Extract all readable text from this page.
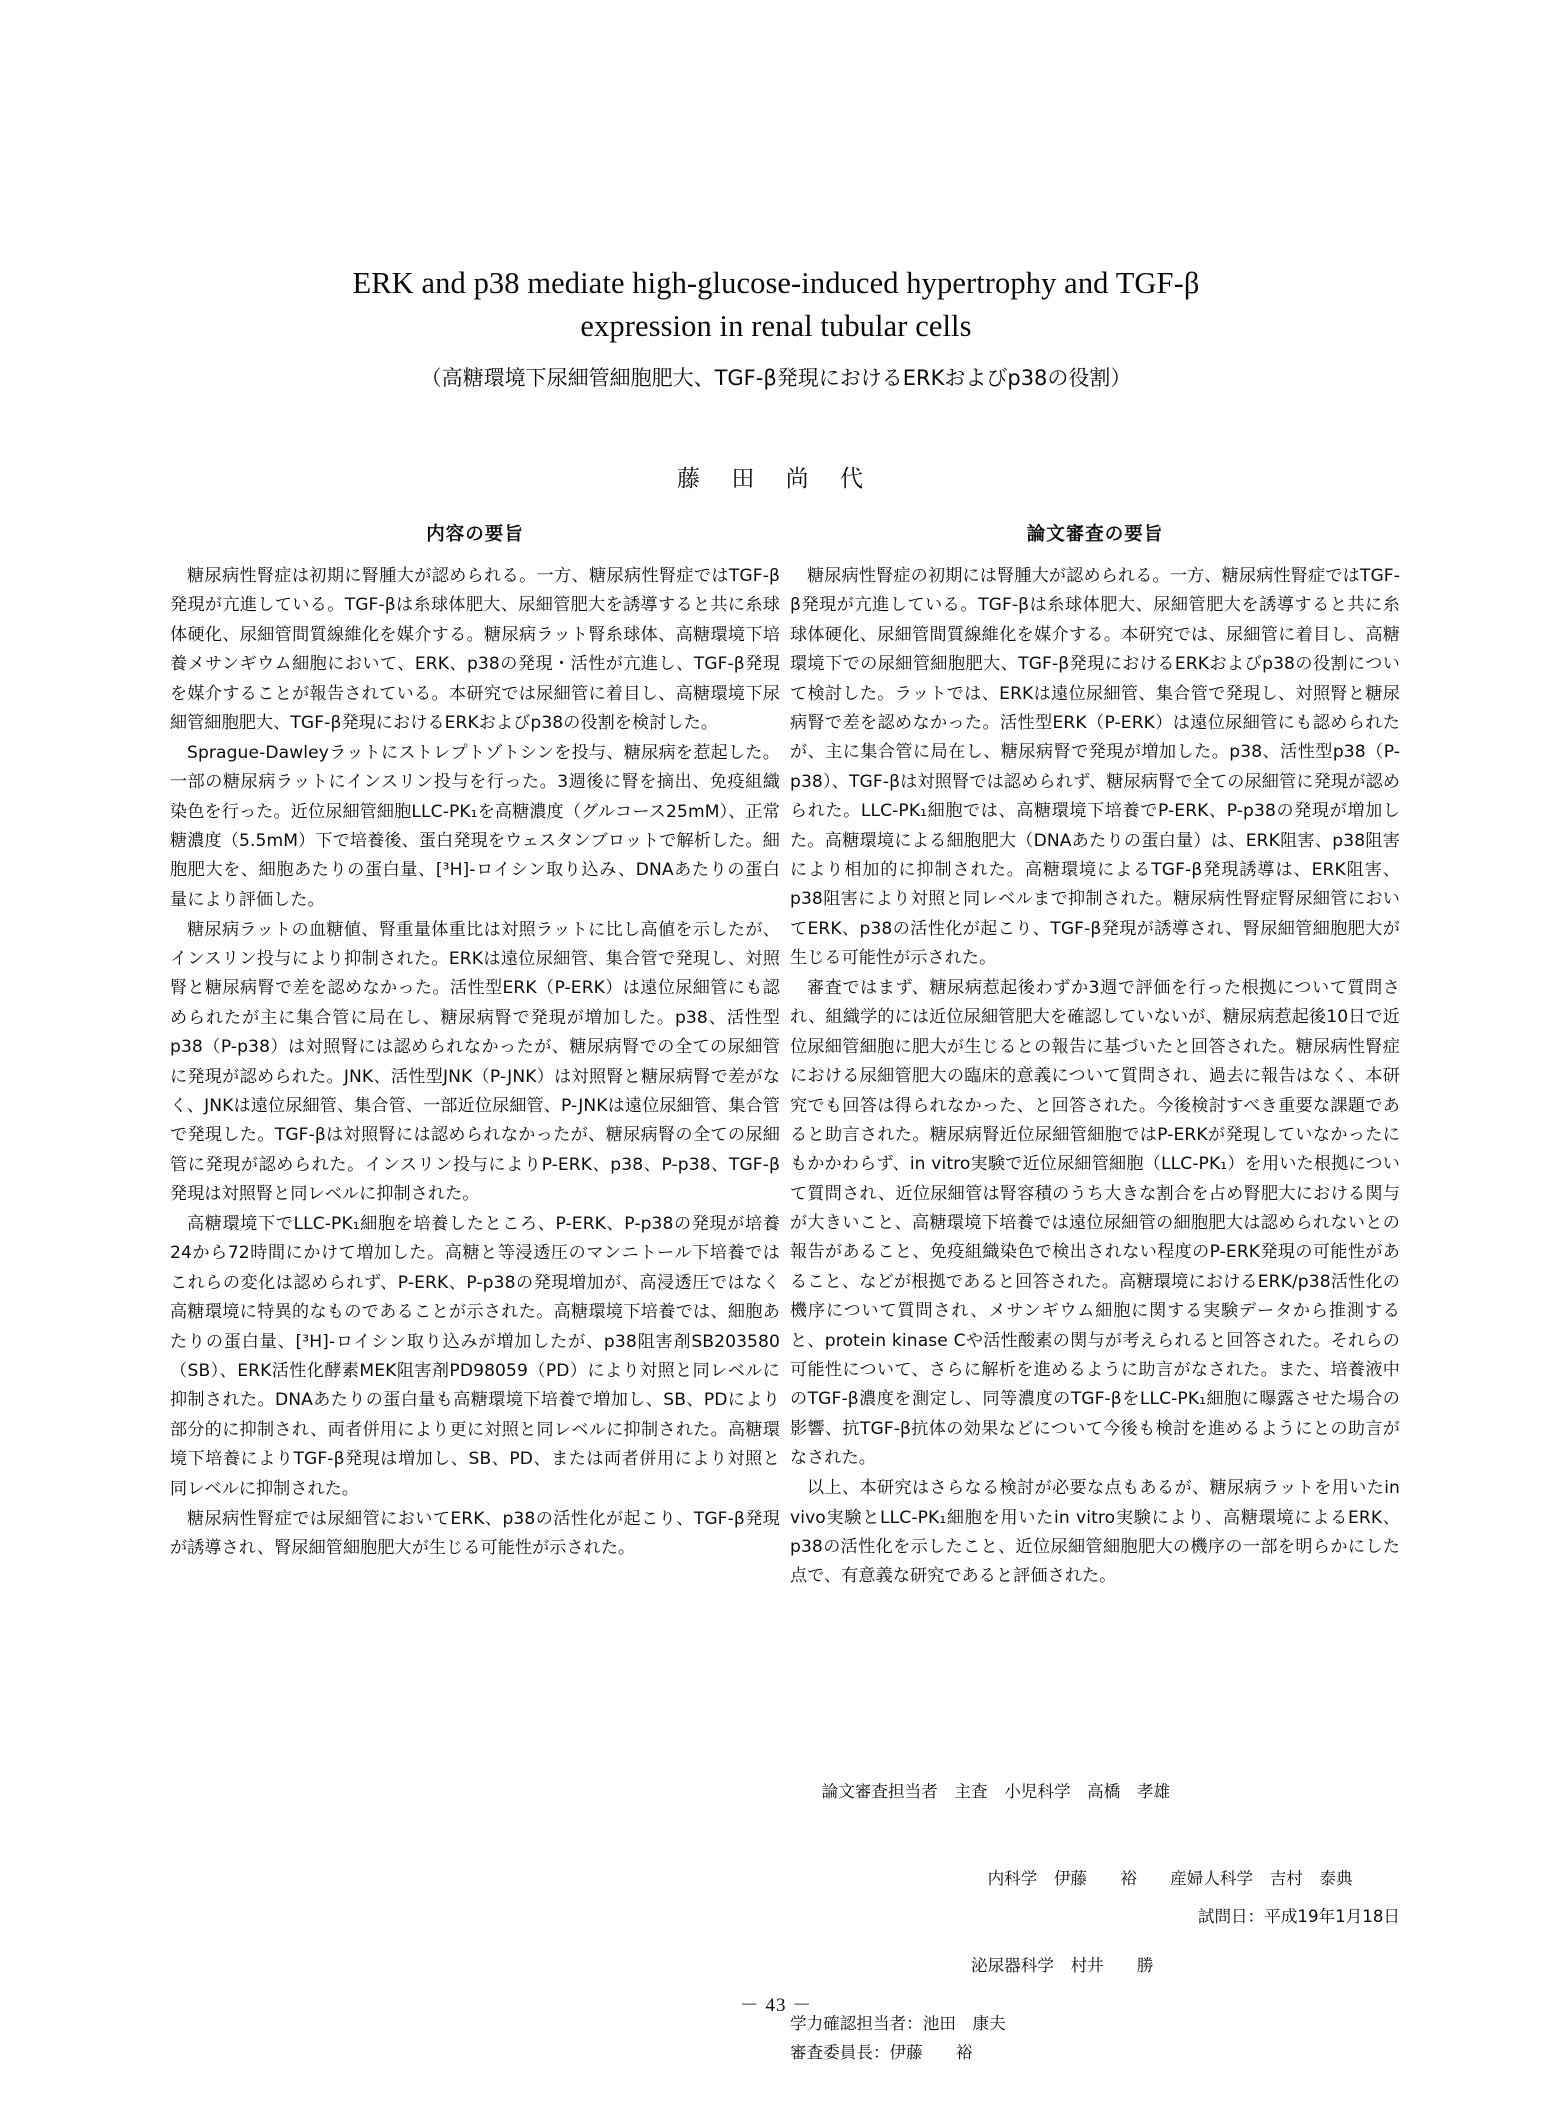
ERK and p38 mediate high-glucose-induced hypertrophy and TGF-β expression in renal tubular cells
（高糖環境下尿細管細胞肥大、TGF-β発現におけるERKおよびp38の役割）
藤 田 尚 代
内容の要旨

糖尿病性腎症は初期に腎腫大が認められる。一方、糖尿病性腎症ではTGF-β発現が亢進している。TGF-βは糸球体肥大、尿細管肥大を誘導すると共に糸球体硬化、尿細管間質線維化を媒介する。糖尿病ラット腎糸球体、高糖環境下培養メサンギウム細胞において、ERK、p38の発現・活性が亢進し、TGF-β発現を媒介することが報告されている。本研究では尿細管に着目し、高糖環境下尿細管細胞肥大、TGF-β発現におけるERKおよびp38の役割を検討した。

Sprague-Dawleyラットにストレプトゾトシンを投与、糖尿病を惹起した。一部の糖尿病ラットにインスリン投与を行った。3週後に腎を摘出、免疫組織染色を行った。近位尿細管細胞LLC-PK₁を高糖濃度（グルコース25mM）、正常糖濃度（5.5mM）下で培養後、蛋白発現をウェスタンブロットで解析した。細胞肥大を、細胞あたりの蛋白量、[³H]-ロイシン取り込み、DNAあたりの蛋白量により評価した。

糖尿病ラットの血糖値、腎重量体重比は対照ラットに比し高値を示したが、インスリン投与により抑制された。ERKは遠位尿細管、集合管で発現し、対照腎と糖尿病腎で差を認めなかった。活性型ERK（P-ERK）は遠位尿細管にも認められたが主に集合管に局在し、糖尿病腎で発現が増加した。p38、活性型p38（P-p38）は対照腎には認められなかったが、糖尿病腎での全ての尿細管に発現が認められた。JNK、活性型JNK（P-JNK）は対照腎と糖尿病腎で差がなく、JNKは遠位尿細管、集合管、一部近位尿細管、P-JNKは遠位尿細管、集合管で発現した。TGF-βは対照腎には認められなかったが、糖尿病腎の全ての尿細管に発現が認められた。インスリン投与によりP-ERK、p38、P-p38、TGF-β発現は対照腎と同レベルに抑制された。

高糖環境下でLLC-PK₁細胞を培養したところ、P-ERK、P-p38の発現が培養24から72時間にかけて増加した。高糖と等浸透圧のマンニトール下培養ではこれらの変化は認められず、P-ERK、P-p38の発現増加が、高浸透圧ではなく高糖環境に特異的なものであることが示された。高糖環境下培養では、細胞あたりの蛋白量、[³H]-ロイシン取り込みが増加したが、p38阻害剤SB203580（SB）、ERK活性化酵素MEK阻害剤PD98059（PD）により対照と同レベルに抑制された。DNAあたりの蛋白量も高糖環境下培養で増加し、SB、PDにより部分的に抑制され、両者併用により更に対照と同レベルに抑制された。高糖環境下培養によりTGF-β発現は増加し、SB、PD、または両者併用により対照と同レベルに抑制された。

糖尿病性腎症では尿細管においてERK、p38の活性化が起こり、TGF-β発現が誘導され、腎尿細管細胞肥大が生じる可能性が示された。

論文審査の要旨

糖尿病性腎症の初期には腎腫大が認められる。一方、糖尿病性腎症ではTGF-β発現が亢進している。TGF-βは糸球体肥大、尿細管肥大を誘導すると共に糸球体硬化、尿細管間質線維化を媒介する。本研究では、尿細管に着目し、高糖環境下での尿細管細胞肥大、TGF-β発現におけるERKおよびp38の役割について検討した。ラットでは、ERKは遠位尿細管、集合管で発現し、対照腎と糖尿病腎で差を認めなかった。活性型ERK（P-ERK）は遠位尿細管にも認められたが、主に集合管に局在し、糖尿病腎で発現が増加した。p38、活性型p38（P-p38）、TGF-βは対照腎では認められず、糖尿病腎で全ての尿細管に発現が認められた。LLC-PK₁細胞では、高糖環境下培養でP-ERK、P-p38の発現が増加した。高糖環境による細胞肥大（DNAあたりの蛋白量）は、ERK阻害、p38阻害により相加的に抑制された。高糖環境によるTGF-β発現誘導は、ERK阻害、p38阻害により対照と同レベルまで抑制された。糖尿病性腎症腎尿細管においてERK、p38の活性化が起こり、TGF-β発現が誘導され、腎尿細管細胞肥大が生じる可能性が示された。

審査ではまず、糖尿病惹起後わずか3週で評価を行った根拠について質問され、組織学的には近位尿細管肥大を確認していないが、糖尿病惹起後10日で近位尿細管細胞に肥大が生じるとの報告に基づいたと回答された。糖尿病性腎症における尿細管肥大の臨床的意義について質問され、過去に報告はなく、本研究でも回答は得られなかった、と回答された。今後検討すべき重要な課題であると助言された。糖尿病腎近位尿細管細胞ではP-ERKが発現していなかったにもかかわらず、in vitro実験で近位尿細管細胞（LLC-PK₁）を用いた根拠について質問され、近位尿細管は腎容積のうち大きな割合を占め腎肥大における関与が大きいこと、高糖環境下培養では遠位尿細管の細胞肥大は認められないとの報告があること、免疫組織染色で検出されない程度のP-ERK発現の可能性があること、などが根拠であると回答された。高糖環境におけるERK/p38活性化の機序について質問され、メサンギウム細胞に関する実験データから推測すると、protein kinase Cや活性酸素の関与が考えられると回答された。それらの可能性について、さらに解析を進めるように助言がなされた。また、培養液中のTGF-β濃度を測定し、同等濃度のTGF-βをLLC-PK₁細胞に曝露させた場合の影響、抗TGF-β抗体の効果などについて今後も検討を進めるようにとの助言がなされた。

以上、本研究はさらなる検討が必要な点もあるが、糖尿病ラットを用いたin vivo実験とLLC-PK₁細胞を用いたin vitro実験により、高糖環境によるERK、p38の活性化を示したこと、近位尿細管細胞肥大の機序の一部を明らかにした点で、有意義な研究であると評価された。

論文審査担当者　 主査　 小児科学　 高橋　孝雄

　　　　　　　　　　内科学　 伊藤　　裕　　 産婦人科学　 吉村　泰典

　　　　　　　　　泌尿器科学　 村井　　勝

学力確認担当者：池田　康夫
審査委員長：伊藤　　裕
試問日：平成19年1月18日
－ 43 －
